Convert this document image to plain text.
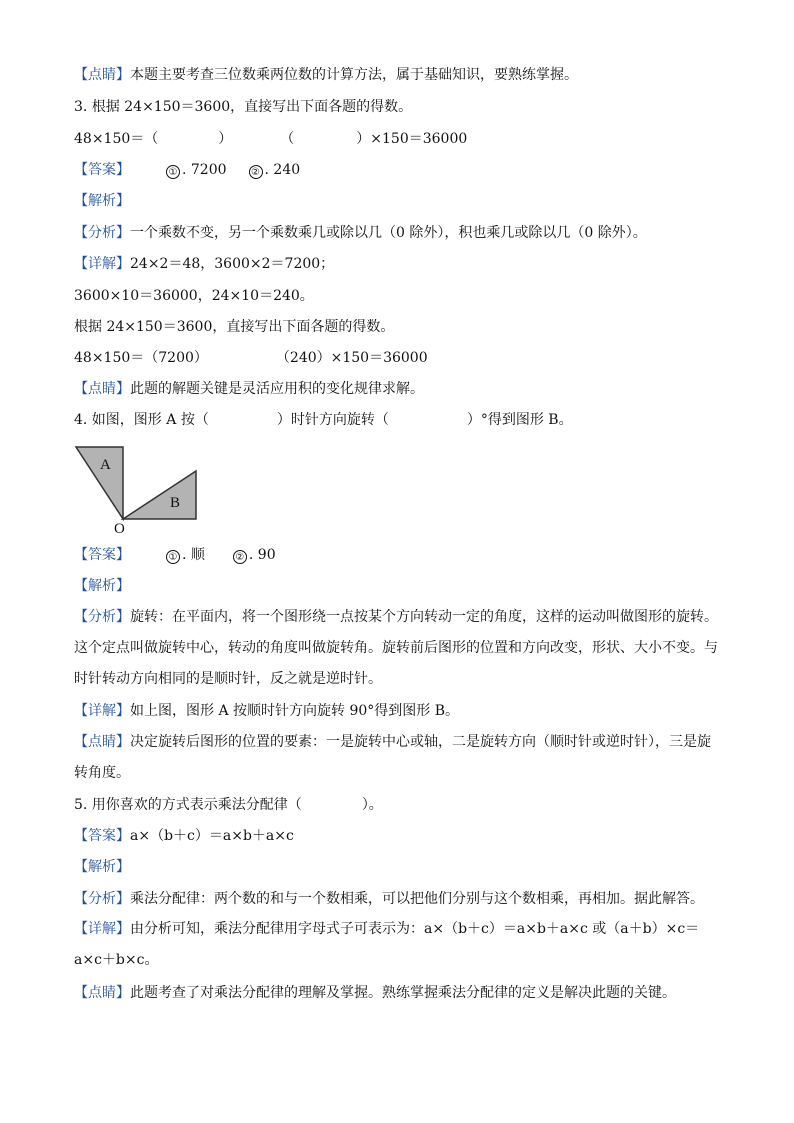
【点睛】本题主要考查三位数乘两位数的计算方法，属于基础知识，要熟练掌握。
3. 根据 24×150＝3600，直接写出下面各题的得数。
48×150＝（	）	（	）×150＝36000
【答案】	① . 7200 ② . 240
【解析】
【分析】一个乘数不变，另一个乘数乘几或除以几（0 除外），积也乘几或除以几（0 除外）。
【详解】24×2＝48，3600×2＝7200；
3600×10＝36000，24×10＝240。
根据 24×150＝3600，直接写出下面各题的得数。
48×150＝（7200）	（240）×150＝36000
【点睛】此题的解题关键是灵活应用积的变化规律求解。
4. 如图，图形 A 按（	）时针方向旋转（	）°得到图形 B。
A
B
O
【答案】	① . 顺	② . 90
【解析】
【分析】旋转：在平面内，将一个图形绕一点按某个方向转动一定的角度，这样的运动叫做图形的旋转。这个定点叫做旋转中心，转动的角度叫做旋转角。旋转前后图形的位置和方向改变，形状、大小不变。与时针转动方向相同的是顺时针，反之就是逆时针。
【详解】如上图，图形 A 按顺时针方向旋转 90°得到图形 B。
【点睛】决定旋转后图形的位置的要素：一是旋转中心或轴，二是旋转方向（顺时针或逆时针），三是旋转角度。
5. 用你喜欢的方式表示乘法分配律（	）。
【答案】a×（b＋c）＝a×b＋a×c
【解析】
【分析】乘法分配律：两个数的和与一个数相乘，可以把他们分别与这个数相乘，再相加。据此解答。
【详解】由分析可知，乘法分配律用字母式子可表示为：a×（b＋c）＝a×b＋a×c 或（a＋b）×c＝a×c＋b×c。
【点睛】此题考查了对乘法分配律的理解及掌握。熟练掌握乘法分配律的定义是解决此题的关键。
